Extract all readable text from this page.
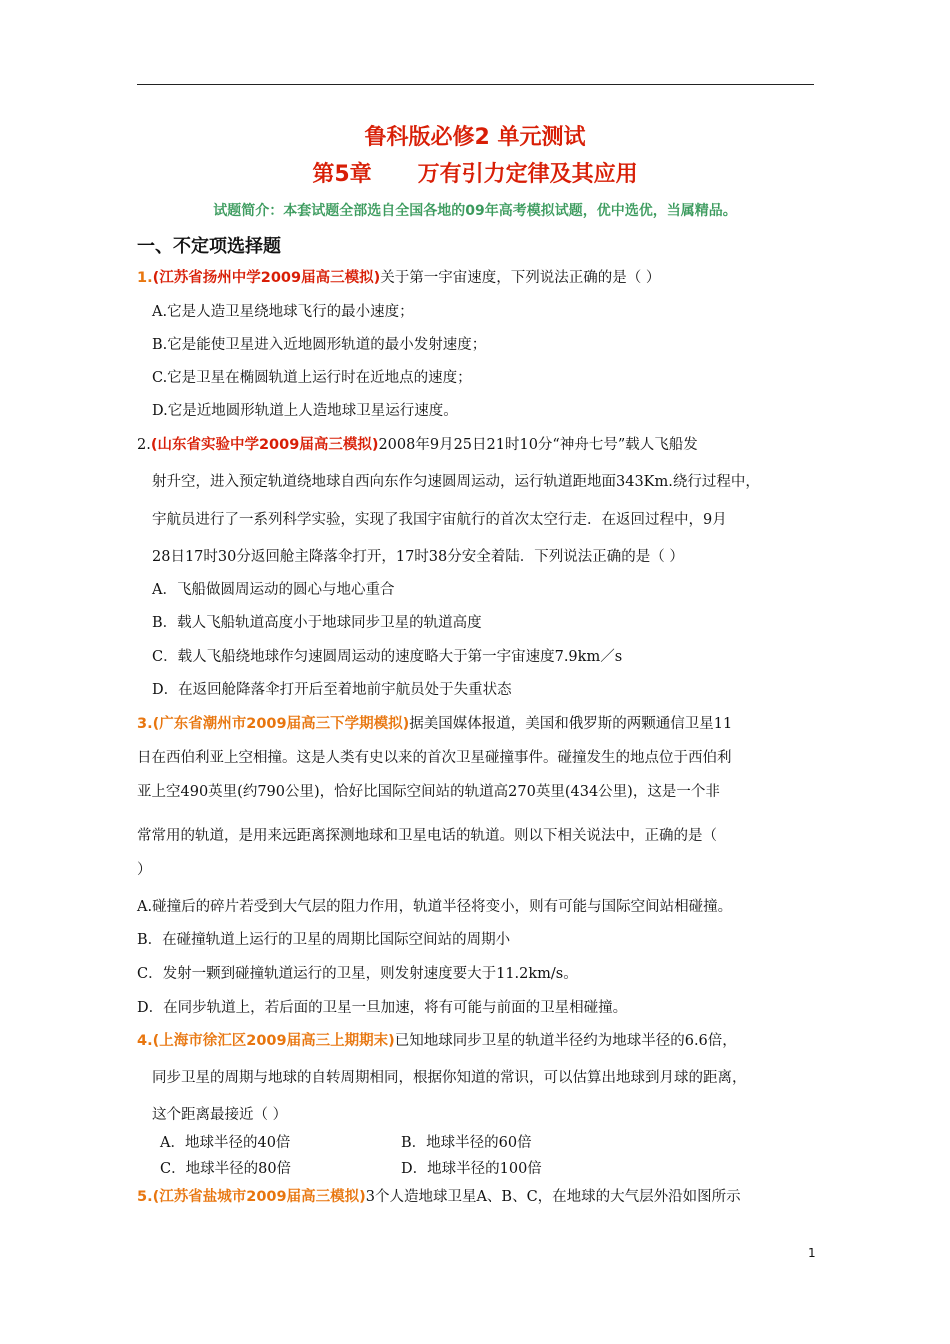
鲁科版必修2 单元测试
第5章      万有引力定律及其应用
试题简介：本套试题全部选自全国各地的09年高考模拟试题，优中选优，当属精品。
一、不定项选择题
1.(江苏省扬州中学2009届高三模拟)关于第一宇宙速度，下列说法正确的是（ ）
A.它是人造卫星绕地球飞行的最小速度；
B.它是能使卫星进入近地圆形轨道的最小发射速度；
C.它是卫星在椭圆轨道上运行时在近地点的速度；
D.它是近地圆形轨道上人造地球卫星运行速度。
2.(山东省实验中学2009届高三模拟)2008年9月25日21时10分“神舟七号”载人飞船发
射升空，进入预定轨道绕地球自西向东作匀速圆周运动，运行轨道距地面343Km.绕行过程中，
宇航员进行了一系列科学实验，实现了我国宇宙航行的首次太空行走．在返回过程中，9月
28日17时30分返回舱主降落伞打开，17时38分安全着陆．下列说法正确的是（ ）
A．飞船做圆周运动的圆心与地心重合
B．载人飞船轨道高度小于地球同步卫星的轨道高度
C．载人飞船绕地球作匀速圆周运动的速度略大于第一宇宙速度7.9km／s
D．在返回舱降落伞打开后至着地前宇航员处于失重状态
3.(广东省潮州市2009届高三下学期模拟)据美国媒体报道，美国和俄罗斯的两颗通信卫星11
日在西伯利亚上空相撞。这是人类有史以来的首次卫星碰撞事件。碰撞发生的地点位于西伯利
亚上空490英里(约790公里)，恰好比国际空间站的轨道高270英里(434公里)，这是一个非
常常用的轨道，是用来远距离探测地球和卫星电话的轨道。则以下相关说法中，正确的是（
）
A.碰撞后的碎片若受到大气层的阻力作用，轨道半径将变小，则有可能与国际空间站相碰撞。
B．在碰撞轨道上运行的卫星的周期比国际空间站的周期小
C．发射一颗到碰撞轨道运行的卫星，则发射速度要大于11.2km/s。
D．在同步轨道上，若后面的卫星一旦加速，将有可能与前面的卫星相碰撞。
4.(上海市徐汇区2009届高三上期期末)已知地球同步卫星的轨道半径约为地球半径的6.6倍，
同步卫星的周期与地球的自转周期相同，根据你知道的常识，可以估算出地球到月球的距离，
这个距离最接近（ ）
A．地球半径的40倍	B．地球半径的60倍
C．地球半径的80倍	D．地球半径的100倍
5.(江苏省盐城市2009届高三模拟)3个人造地球卫星A、B、C，在地球的大气层外沿如图所示
1
